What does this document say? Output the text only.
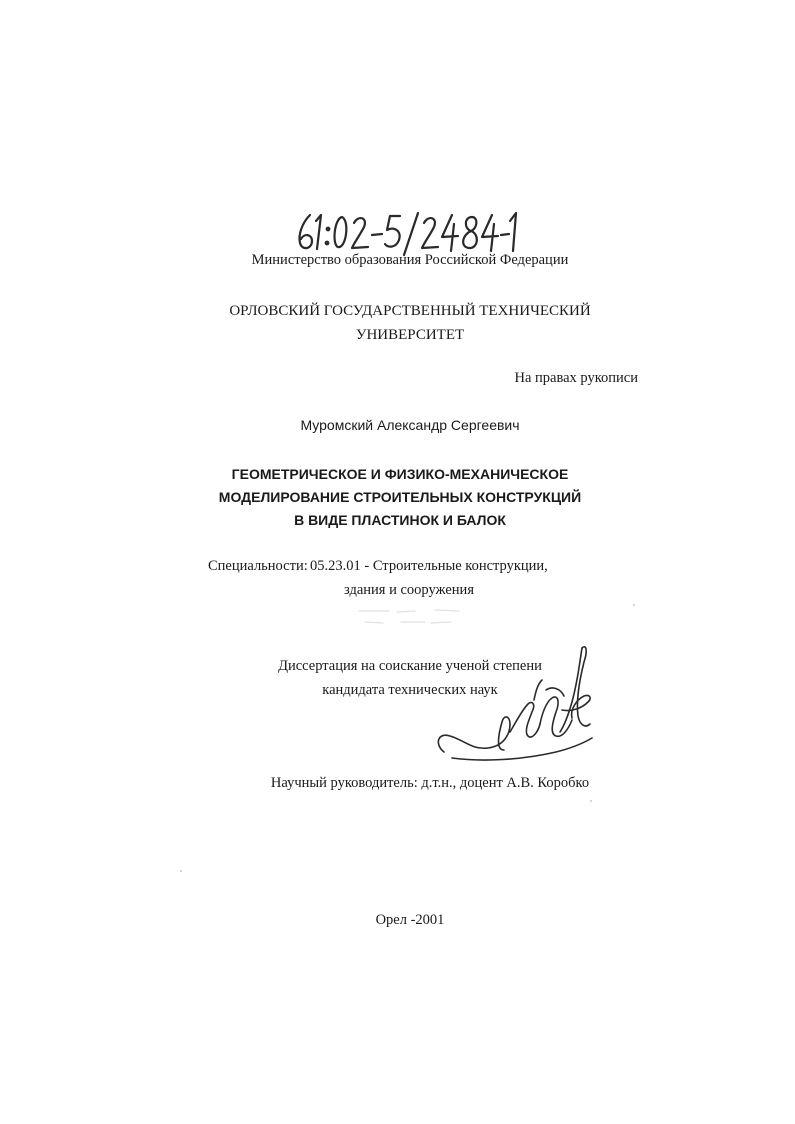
Министерство образования Российской Федерации
ОРЛОВСКИЙ ГОСУДАРСТВЕННЫЙ ТЕХНИЧЕСКИЙ
УНИВЕРСИТЕТ
На правах рукописи
Муромский Александр Сергеевич
ГЕОМЕТРИЧЕСКОЕ И ФИЗИКО-МЕХАНИЧЕСКОЕ
МОДЕЛИРОВАНИЕ СТРОИТЕЛЬНЫХ КОНСТРУКЦИЙ
В ВИДЕ ПЛАСТИНОК И БАЛОК
Специальности: 05.23.01 - Строительные конструкции,
здания и сооружения
Диссертация на соискание ученой степени
кандидата технических наук
Научный руководитель: д.т.н., доцент А.В. Коробко
Орел -2001
